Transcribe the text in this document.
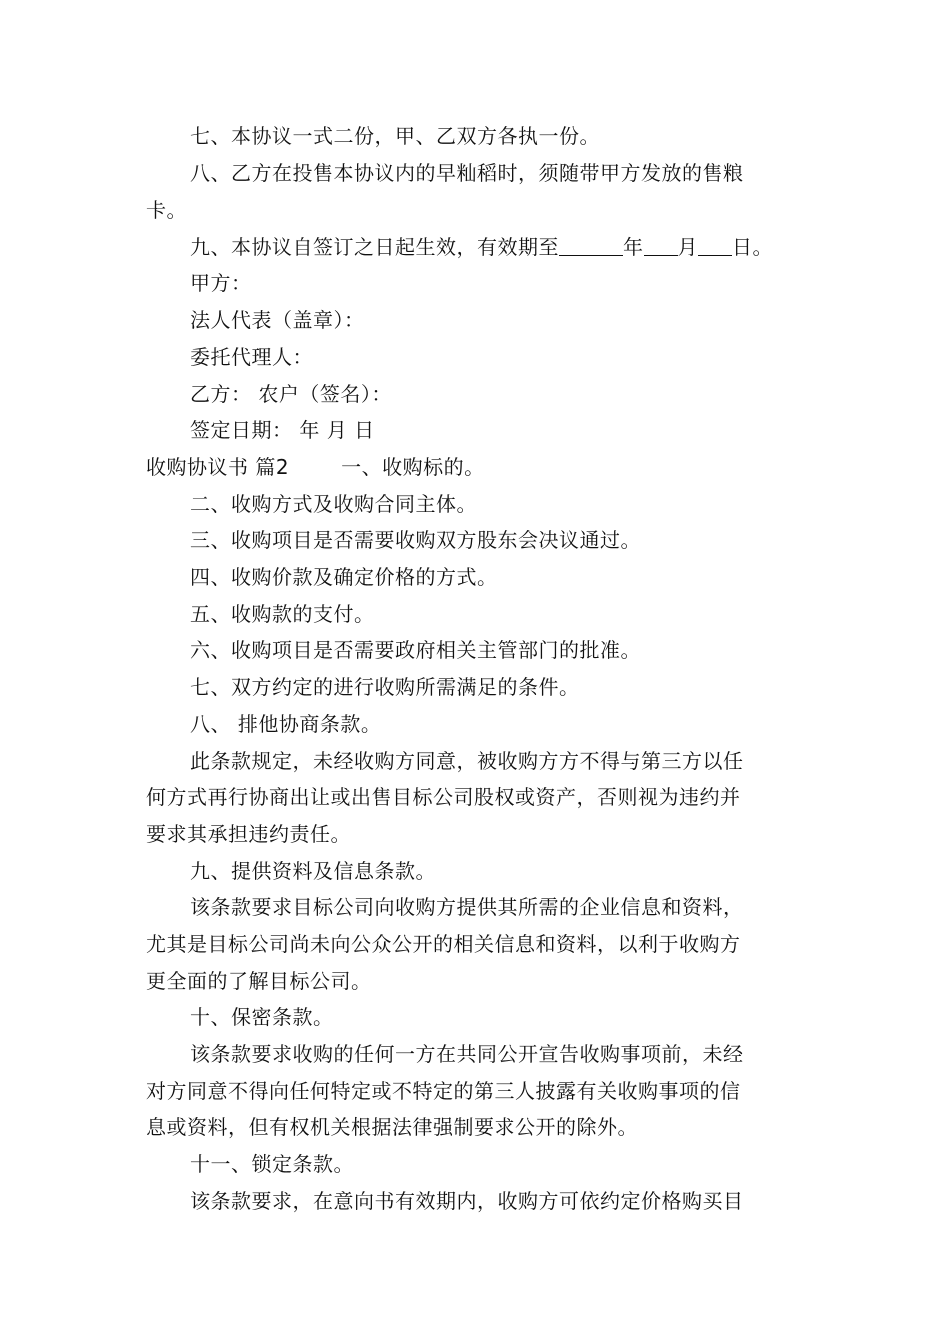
七、本协议一式二份，甲、乙双方各执一份。
八、乙方在投售本协议内的早籼稻时，须随带甲方发放的售粮
卡。
九、本协议自签订之日起生效，有效期至	年 月 日。
甲方：
法人代表（盖章）：
委托代理人：
乙方： 农户（签名）：
签定日期： 年 月 日
收购协议书 篇2	一、收购标的。
二、收购方式及收购合同主体。
三、收购项目是否需要收购双方股东会决议通过。
四、收购价款及确定价格的方式。
五、收购款的支付。
六、收购项目是否需要政府相关主管部门的批准。
七、双方约定的进行收购所需满足的条件。
八、 排他协商条款。
此条款规定，未经收购方同意，被收购方方不得与第三方以任
何方式再行协商出让或出售目标公司股权或资产，否则视为违约并
要求其承担违约责任。
九、提供资料及信息条款。
该条款要求目标公司向收购方提供其所需的企业信息和资料，
尤其是目标公司尚未向公众公开的相关信息和资料，以利于收购方
更全面的了解目标公司。
十、保密条款。
该条款要求收购的任何一方在共同公开宣告收购事项前，未经
对方同意不得向任何特定或不特定的第三人披露有关收购事项的信
息或资料，但有权机关根据法律强制要求公开的除外。
十一、锁定条款。
该条款要求，在意向书有效期内，收购方可依约定价格购买目
